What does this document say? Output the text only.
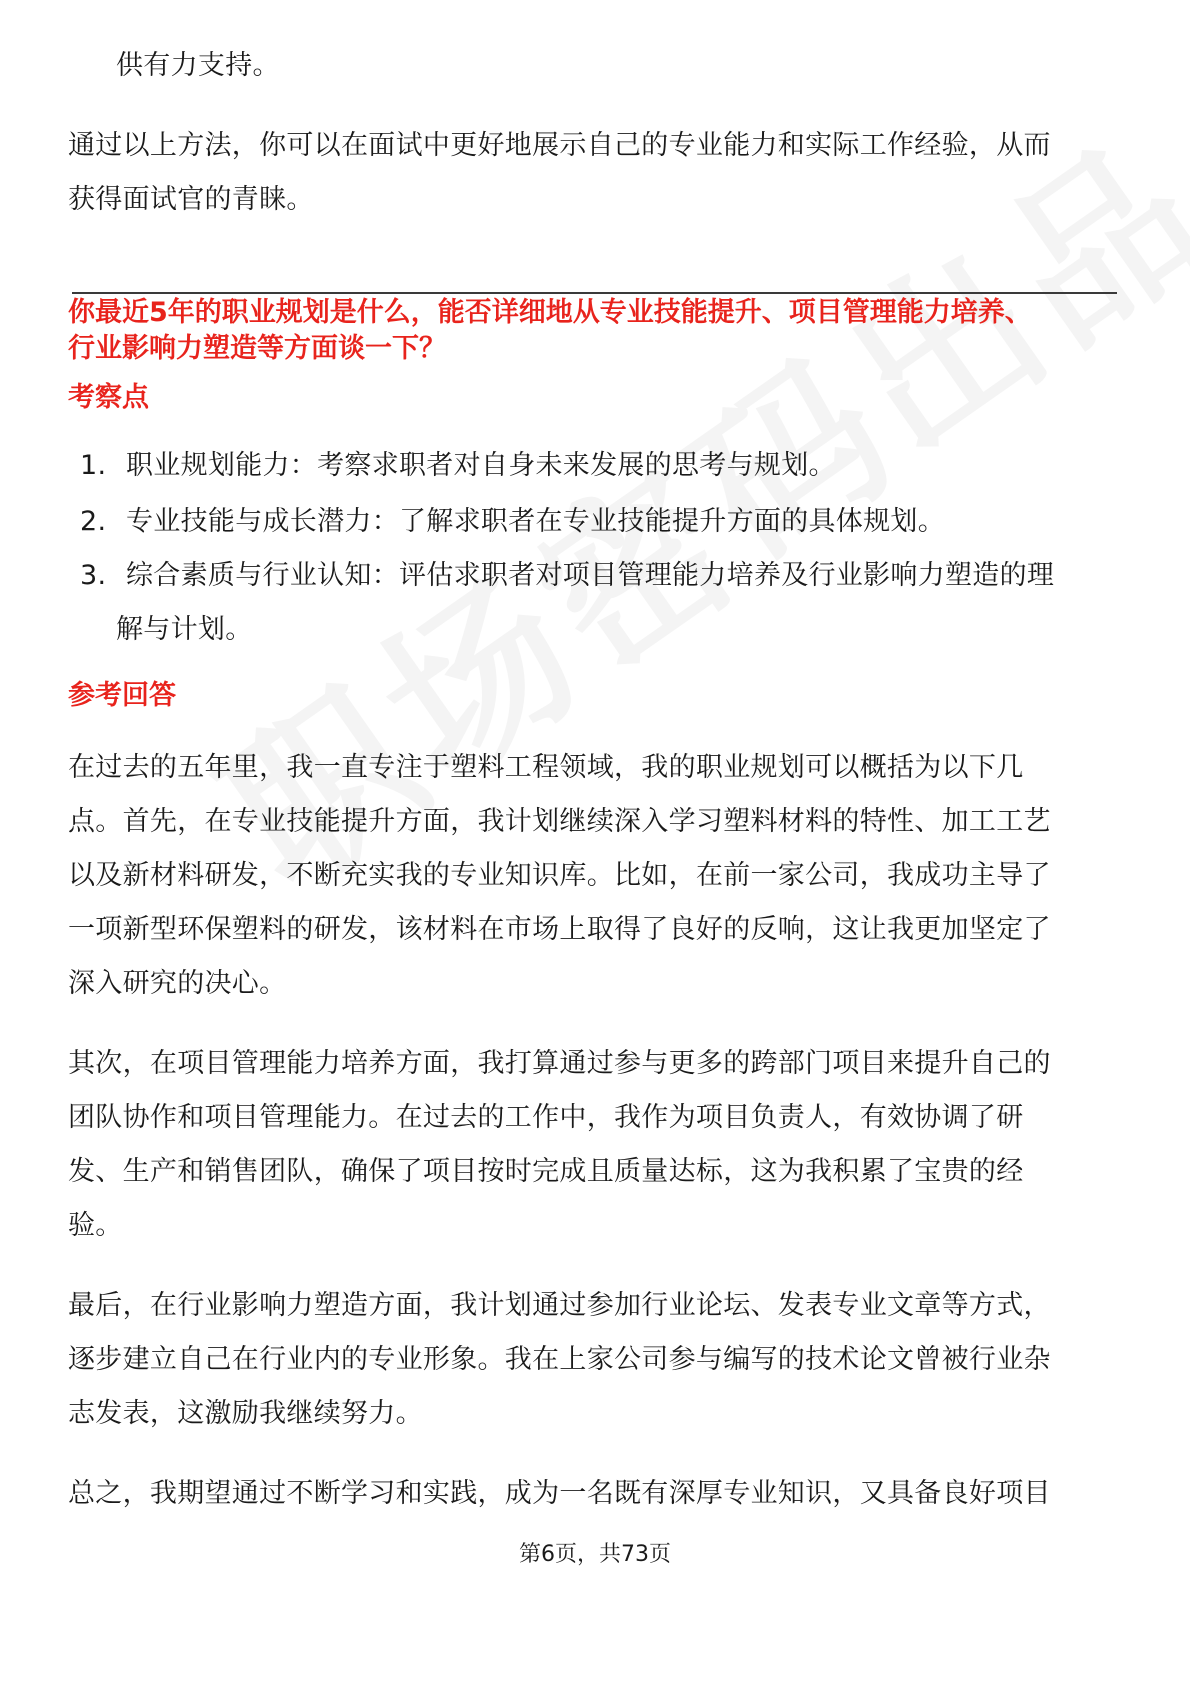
供有力支持。
通过以上方法，你可以在面试中更好地展示自己的专业能力和实际工作经验，从而
获得面试官的青睐。
你最近5年的职业规划是什么，能否详细地从专业技能提升、项目管理能力培养、
行业影响力塑造等方面谈一下？
考察点
1. 职业规划能力：考察求职者对自身未来发展的思考与规划。
2. 专业技能与成长潜力：了解求职者在专业技能提升方面的具体规划。
3. 综合素质与行业认知：评估求职者对项目管理能力培养及行业影响力塑造的理
解与计划。
参考回答
在过去的五年里，我一直专注于塑料工程领域，我的职业规划可以概括为以下几
点。首先，在专业技能提升方面，我计划继续深入学习塑料材料的特性、加工工艺
以及新材料研发，不断充实我的专业知识库。比如，在前一家公司，我成功主导了
一项新型环保塑料的研发，该材料在市场上取得了良好的反响，这让我更加坚定了
深入研究的决心。
其次，在项目管理能力培养方面，我打算通过参与更多的跨部门项目来提升自己的
团队协作和项目管理能力。在过去的工作中，我作为项目负责人，有效协调了研
发、生产和销售团队，确保了项目按时完成且质量达标，这为我积累了宝贵的经
验。
最后，在行业影响力塑造方面，我计划通过参加行业论坛、发表专业文章等方式，
逐步建立自己在行业内的专业形象。我在上家公司参与编写的技术论文曾被行业杂
志发表，这激励我继续努力。
总之，我期望通过不断学习和实践，成为一名既有深厚专业知识，又具备良好项目
第6页，共73页
